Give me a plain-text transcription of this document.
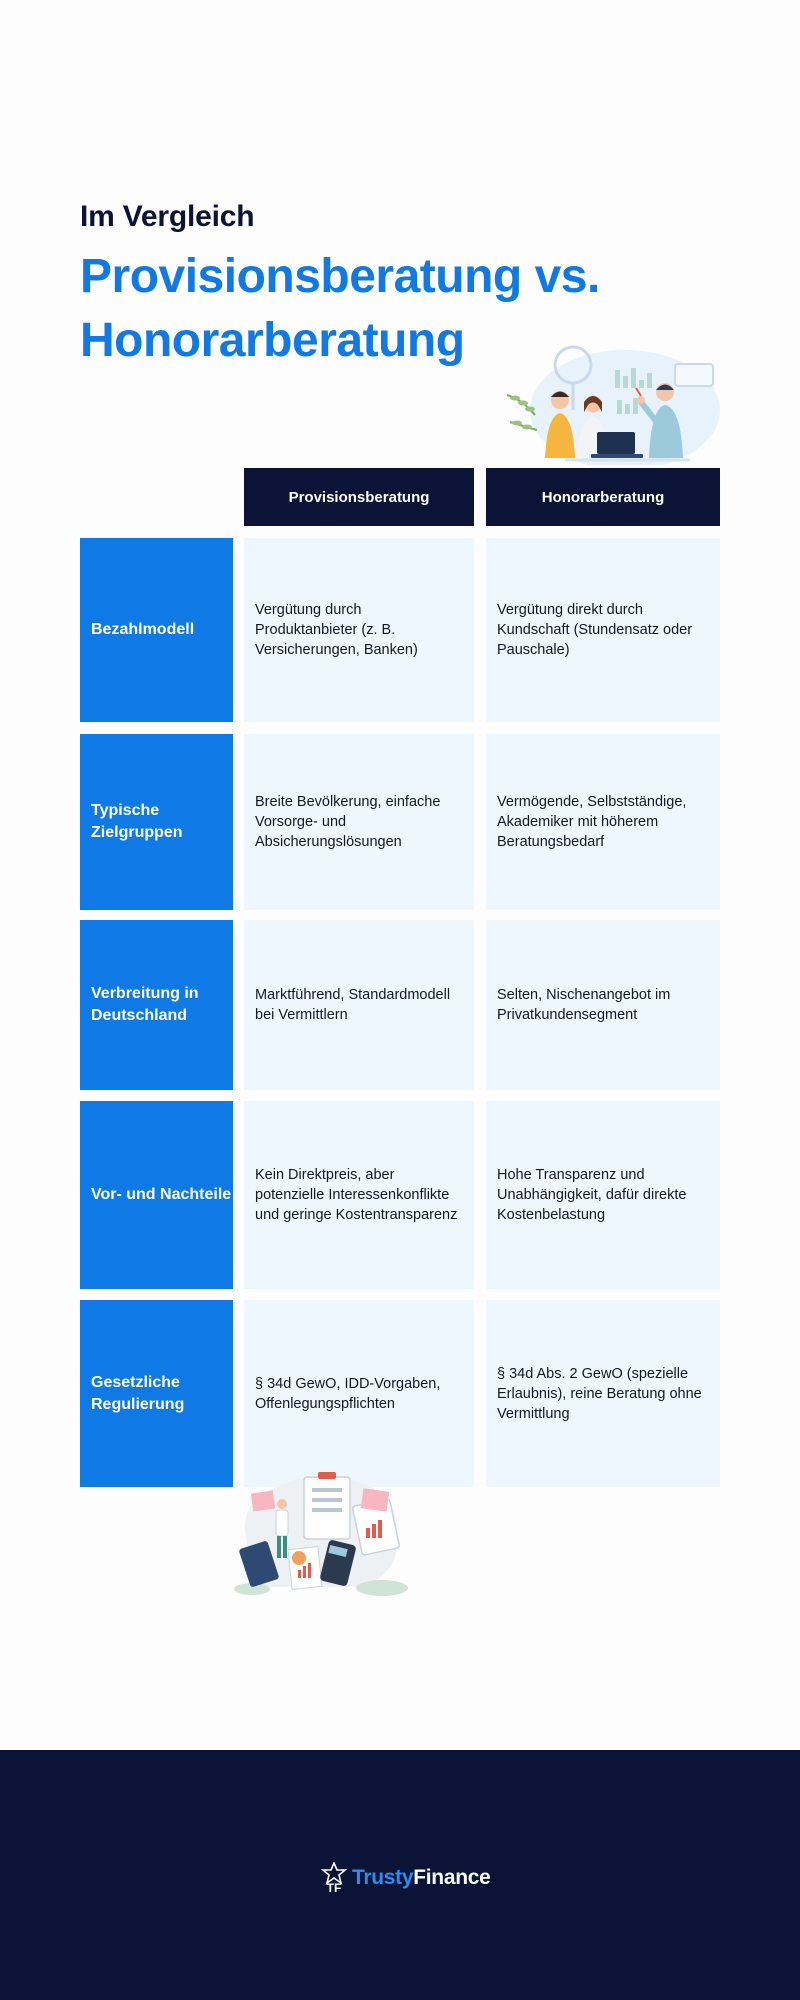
Im Vergleich
Provisionsberatung vs. Honorarberatung
Provisionsberatung	Honorarberatung
Bezahlmodell
Vergütung durch Produktanbieter (z. B. Versicherungen, Banken)
Vergütung direkt durch Kundschaft (Stundensatz oder Pauschale)
Typische Zielgruppen
Breite Bevölkerung, einfache Vorsorge- und Absicherungslösungen
Vermögende, Selbstständige, Akademiker mit höherem Beratungsbedarf
Verbreitung in Deutschland
Marktführend, Standardmodell bei Vermittlern
Selten, Nischenangebot im Privatkundensegment
Vor- und Nachteile
Kein Direktpreis, aber potenzielle Interessenkonflikte und geringe Kostentransparenz
Hohe Transparenz und Unabhängigkeit, dafür direkte Kostenbelastung
Gesetzliche Regulierung
§ 34d GewO, IDD-Vorgaben, Offenlegungspflichten
§ 34d Abs. 2 GewO (spezielle Erlaubnis), reine Beratung ohne Vermittlung
TF TrustyFinance
